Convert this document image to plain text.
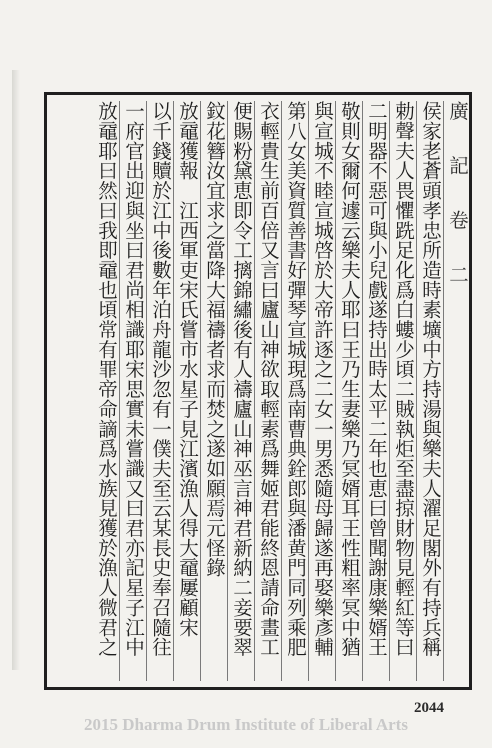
廣 記 卷 二
侯家老蒼頭孝忠所造時素壙中方持湯與樂夫人濯足閣外有持兵稱
勅聲夫人畏懼跣足化爲白螻少頃二賊執炬至盡掠財物見輕紅等曰
二明器不惡可與小兒戲遂持出時太平二年也恵曰曾聞謝康樂婿王
敬則女爾何遽云樂夫人耶曰王乃生妻樂乃冥婿耳王性粗率冥中猶
與宣城不睦宣城啓於大帝許逐之二女一男悉隨母歸遂再娶樂彥輔
第八女美資質善書好彈琴宣城現爲南曹典銓郎與潘黄門同列乘肥
衣輕貴生前百倍又言曰廬山神欲取輕素爲舞姬君能終恩請命畫工
便賜粉黛恵即令工摛錦繡後有人禱廬山神巫言神君新納二妾要翠
鈫花簪汝宜求之當降大福禱者求而焚之遂如願焉元怪錄
放黿獲報　江西軍吏宋氏嘗市水星子見江濱漁人得大黿屢顧宋
以千錢贖於江中後數年泊舟龍沙忽有一僕夫至云某長史奉召隨往
一府官出迎與坐曰君尚相識耶宋思實未嘗識又曰君亦記星子江中
放黿耶曰然曰我即黿也頃常有罪帝命謫爲水族見獲於漁人微君之
2044
2015 Dharma Drum Institute of Liberal Arts
